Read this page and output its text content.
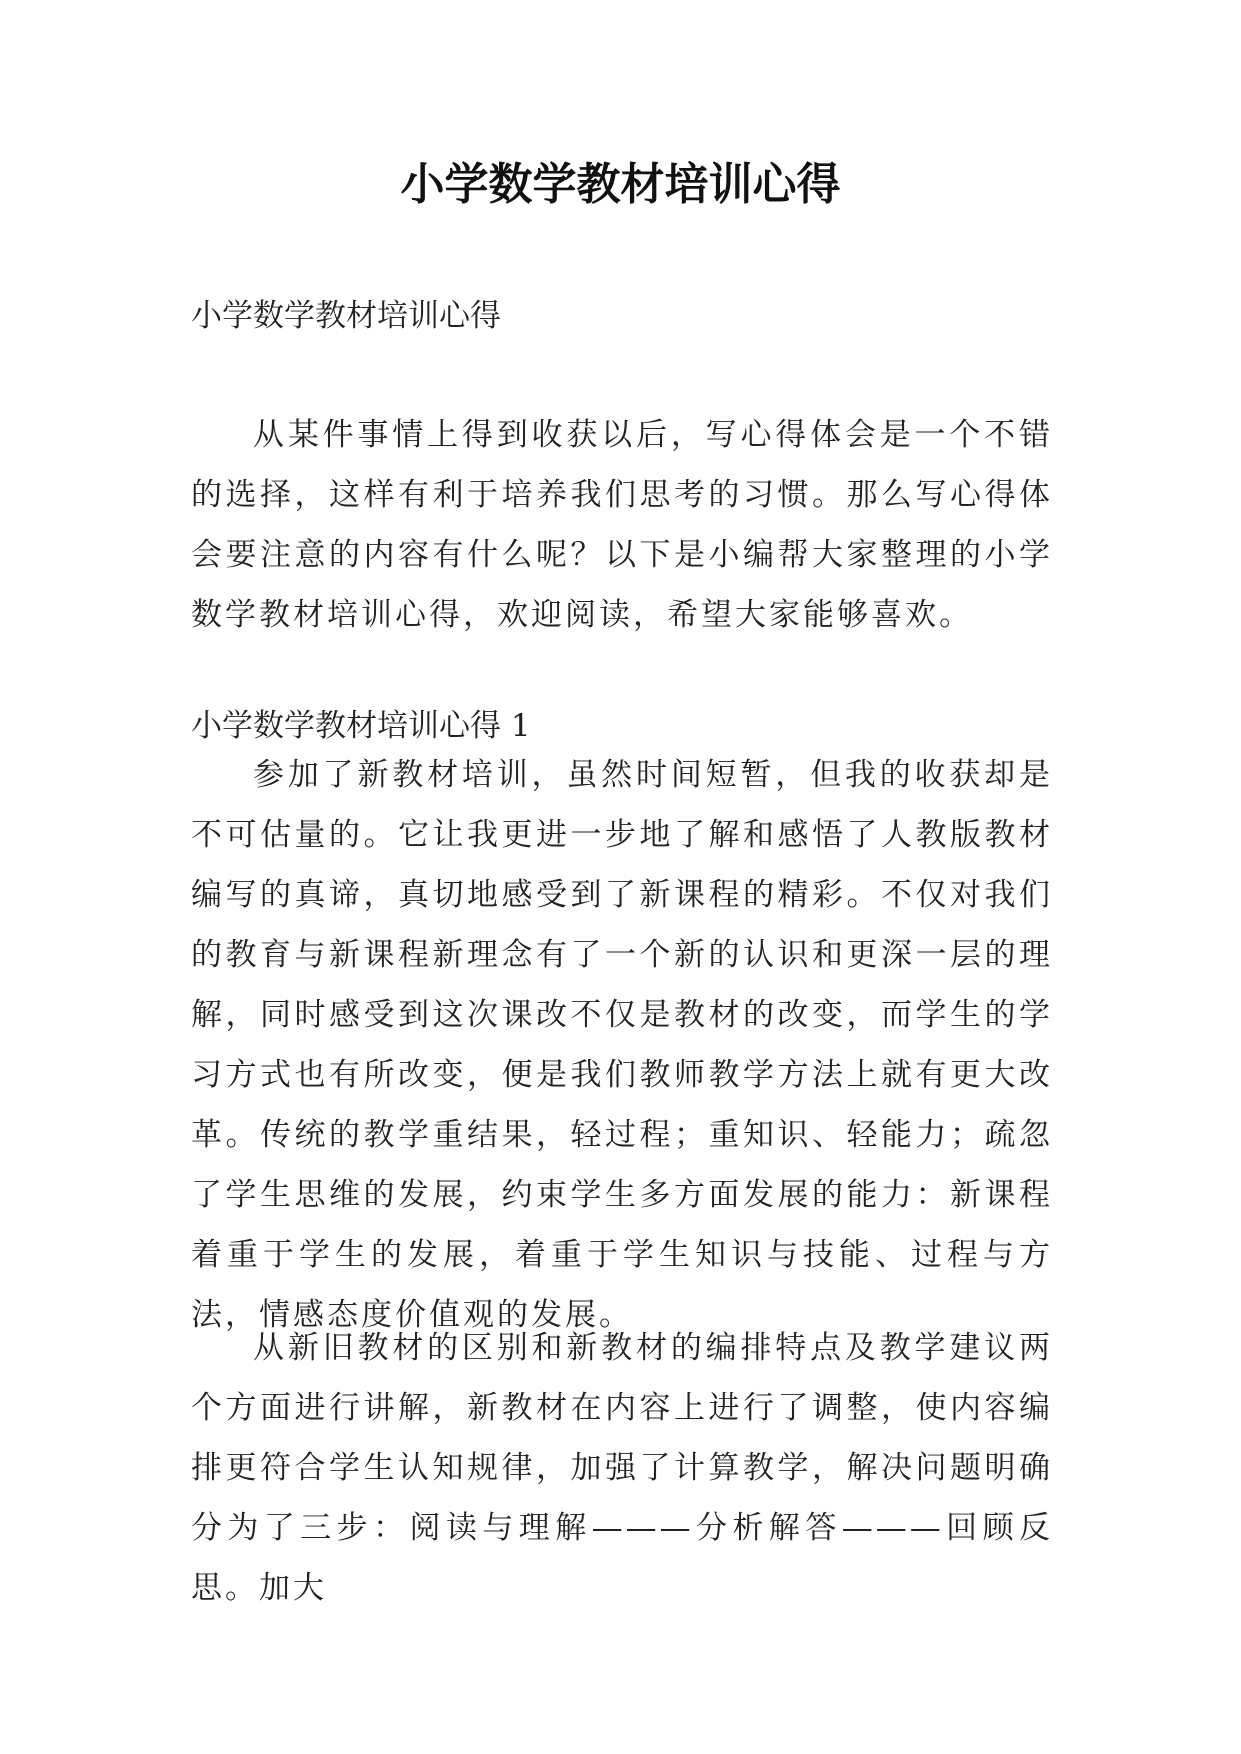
小学数学教材培训心得

小学数学教材培训心得

从某件事情上得到收获以后，写心得体会是一个不错的选择，这样有利于培养我们思考的习惯。那么写心得体会要注意的内容有什么呢？以下是小编帮大家整理的小学数学教材培训心得，欢迎阅读，希望大家能够喜欢。

小学数学教材培训心得 1

参加了新教材培训，虽然时间短暂，但我的收获却是不可估量的。它让我更进一步地了解和感悟了人教版教材编写的真谛，真切地感受到了新课程的精彩。不仅对我们的教育与新课程新理念有了一个新的认识和更深一层的理解，同时感受到这次课改不仅是教材的改变，而学生的学习方式也有所改变，便是我们教师教学方法上就有更大改革。传统的教学重结果，轻过程；重知识、轻能力；疏忽了学生思维的发展，约束学生多方面发展的能力：新课程着重于学生的发展，着重于学生知识与技能、过程与方法，情感态度价值观的发展。

从新旧教材的区别和新教材的编排特点及教学建议两个方面进行讲解，新教材在内容上进行了调整，使内容编排更符合学生认知规律，加强了计算教学，解决问题明确分为了三步：阅读与理解———分析解答———回顾反思。加大
